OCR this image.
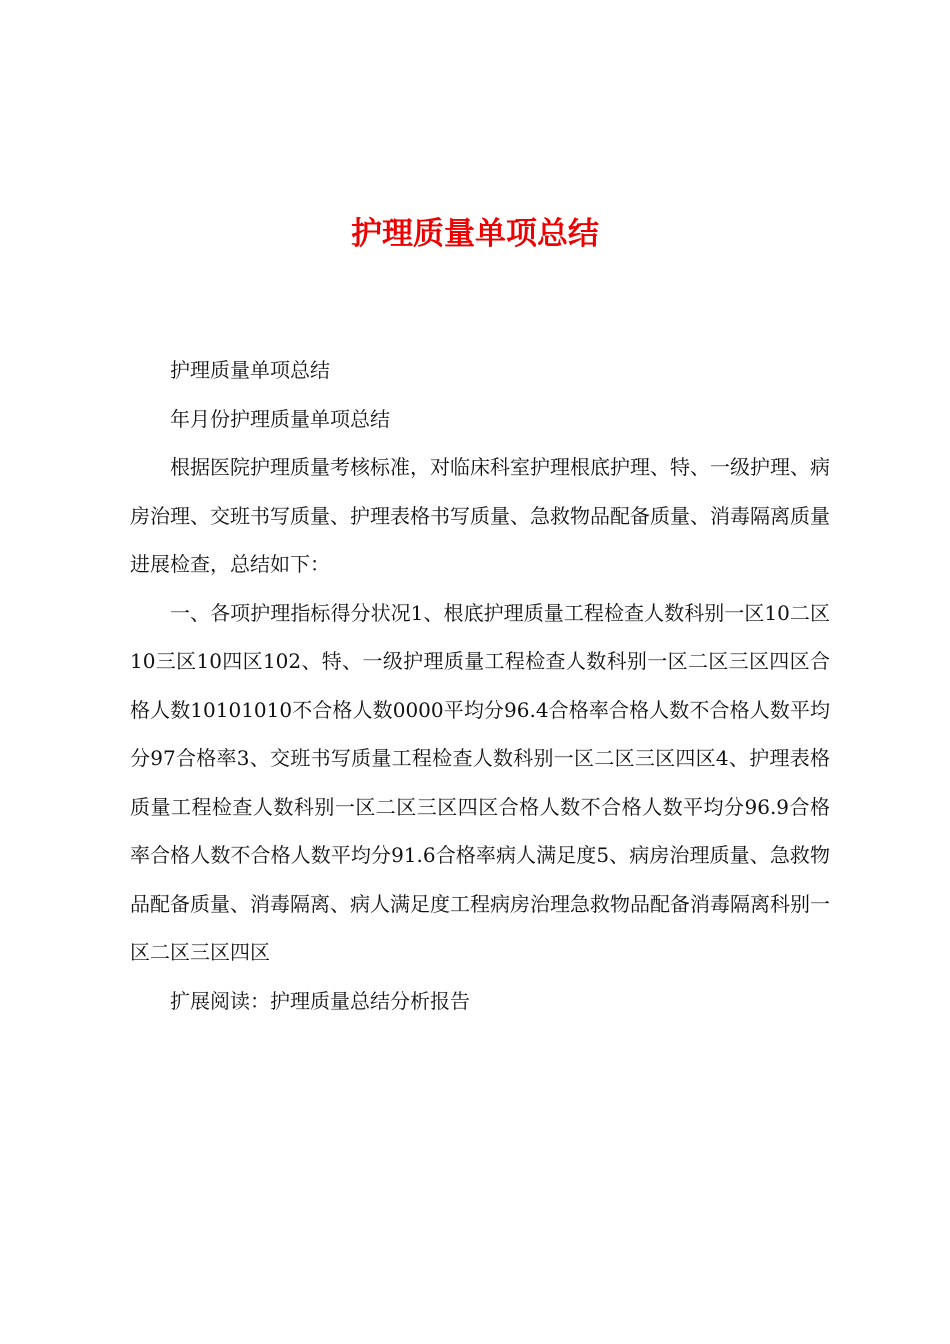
护理质量单项总结

护理质量单项总结

年月份护理质量单项总结

根据医院护理质量考核标准，对临床科室护理根底护理、特、一级护理、病房治理、交班书写质量、护理表格书写质量、急救物品配备质量、消毒隔离质量进展检查，总结如下：

一、各项护理指标得分状况1、根底护理质量工程检查人数科别一区10二区10三区10四区102、特、一级护理质量工程检查人数科别一区二区三区四区合格人数10101010不合格人数0000平均分96.4合格率合格人数不合格人数平均分97合格率3、交班书写质量工程检查人数科别一区二区三区四区4、护理表格质量工程检查人数科别一区二区三区四区合格人数不合格人数平均分96.9合格率合格人数不合格人数平均分91.6合格率病人满足度5、病房治理质量、急救物品配备质量、消毒隔离、病人满足度工程病房治理急救物品配备消毒隔离科别一区二区三区四区

扩展阅读：护理质量总结分析报告
